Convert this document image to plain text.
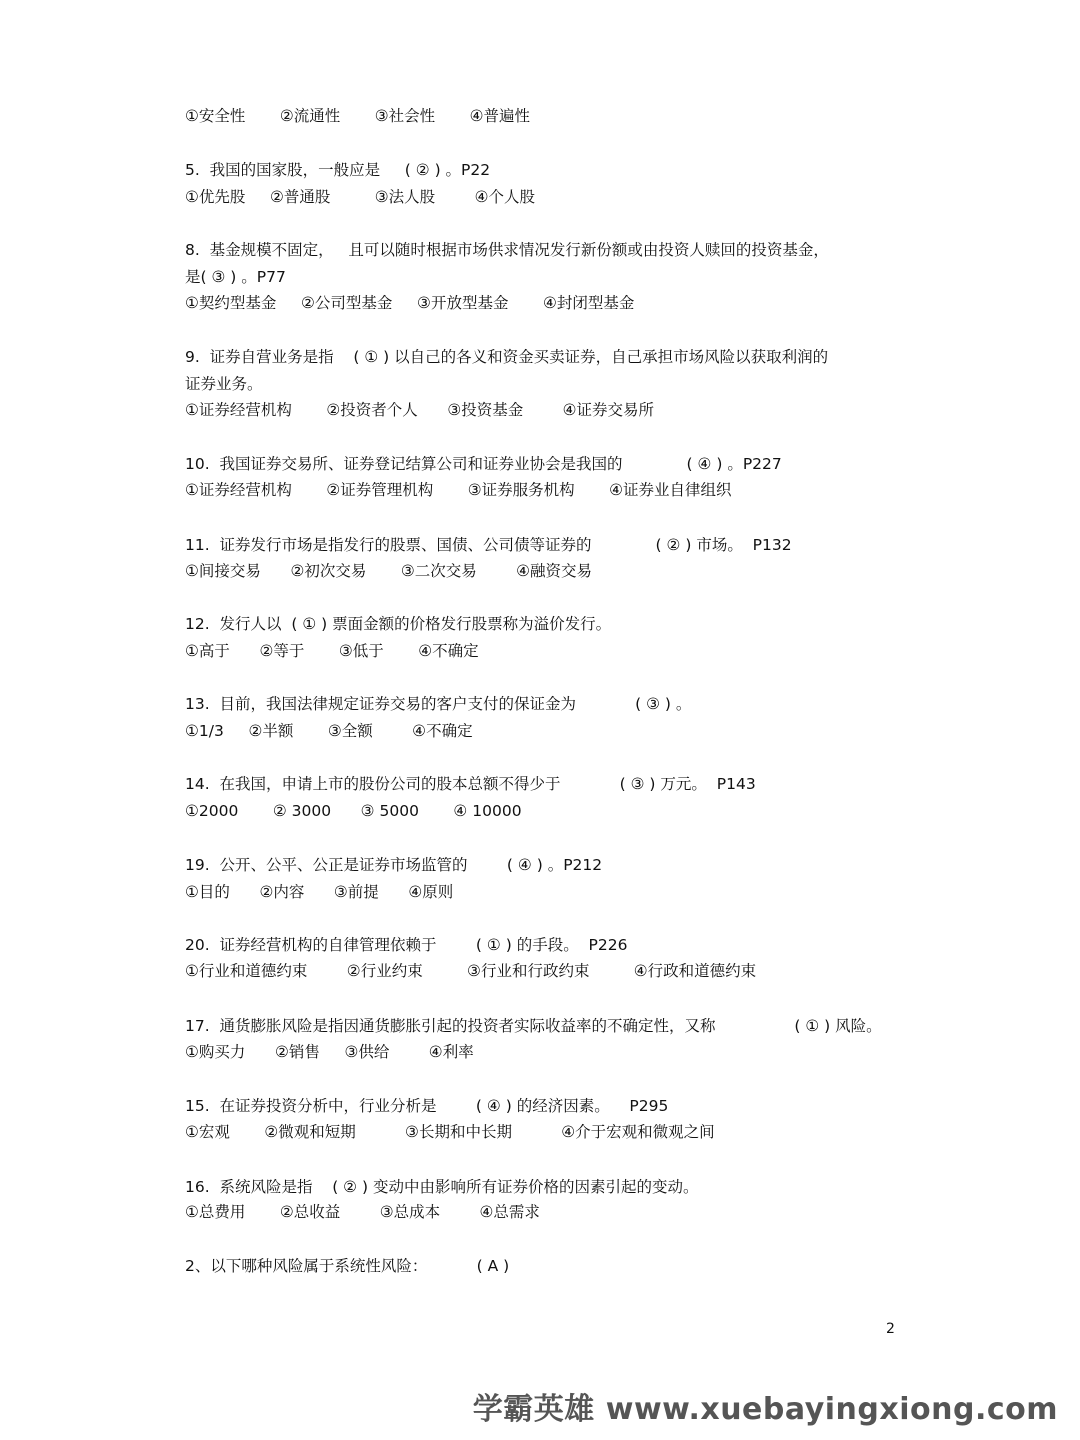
①安全性       ②流通性       ③社会性       ④普遍性
5.  我国的国家股，一般应是     ( ② ) 。P22
①优先股     ②普通股         ③法人股        ④个人股
8.  基金规模不固定，   且可以随时根据市场供求情况发行新份额或由投资人赎回的投资基金，
是( ③ ) 。P77
①契约型基金     ②公司型基金     ③开放型基金       ④封闭型基金
9.  证券自营业务是指    ( ① ) 以自己的各义和资金买卖证券，自己承担市场风险以获取利润的
证券业务。
①证券经营机构       ②投资者个人      ③投资基金        ④证券交易所
10.  我国证券交易所、证券登记结算公司和证券业协会是我国的             ( ④ ) 。P227
①证券经营机构       ②证券管理机构       ③证券服务机构       ④证券业自律组织
11.  证券发行市场是指发行的股票、国债、公司债等证券的             ( ② ) 市场。  P132
①间接交易      ②初次交易       ③二次交易        ④融资交易
12.  发行人以  ( ① ) 票面金额的价格发行股票称为溢价发行。
①高于      ②等于       ③低于       ④不确定
13.  目前，我国法律规定证券交易的客户支付的保证金为            ( ③ ) 。
①1/3     ②半额       ③全额        ④不确定
14.  在我国，申请上市的股份公司的股本总额不得少于            ( ③ ) 万元。  P143
①2000       ② 3000      ③ 5000       ④ 10000
19.  公开、公平、公正是证券市场监管的        ( ④ ) 。P212
①目的      ②内容      ③前提      ④原则
20.  证券经营机构的自律管理依赖于        ( ① ) 的手段。  P226
①行业和道德约束        ②行业约束         ③行业和行政约束         ④行政和道德约束
17.  通货膨胀风险是指因通货膨胀引起的投资者实际收益率的不确定性，又称                ( ① ) 风险。
①购买力      ②销售     ③供给        ④利率
15.  在证券投资分析中，行业分析是        ( ④ ) 的经济因素。    P295
①宏观       ②微观和短期          ③长期和中长期          ④介于宏观和微观之间
16.  系统风险是指    ( ② ) 变动中由影响所有证券价格的因素引起的变动。
①总费用       ②总收益        ③总成本        ④总需求
2、以下哪种风险属于系统性风险：          ( A )
2
学霸英雄 www.xuebayingxiong.com
